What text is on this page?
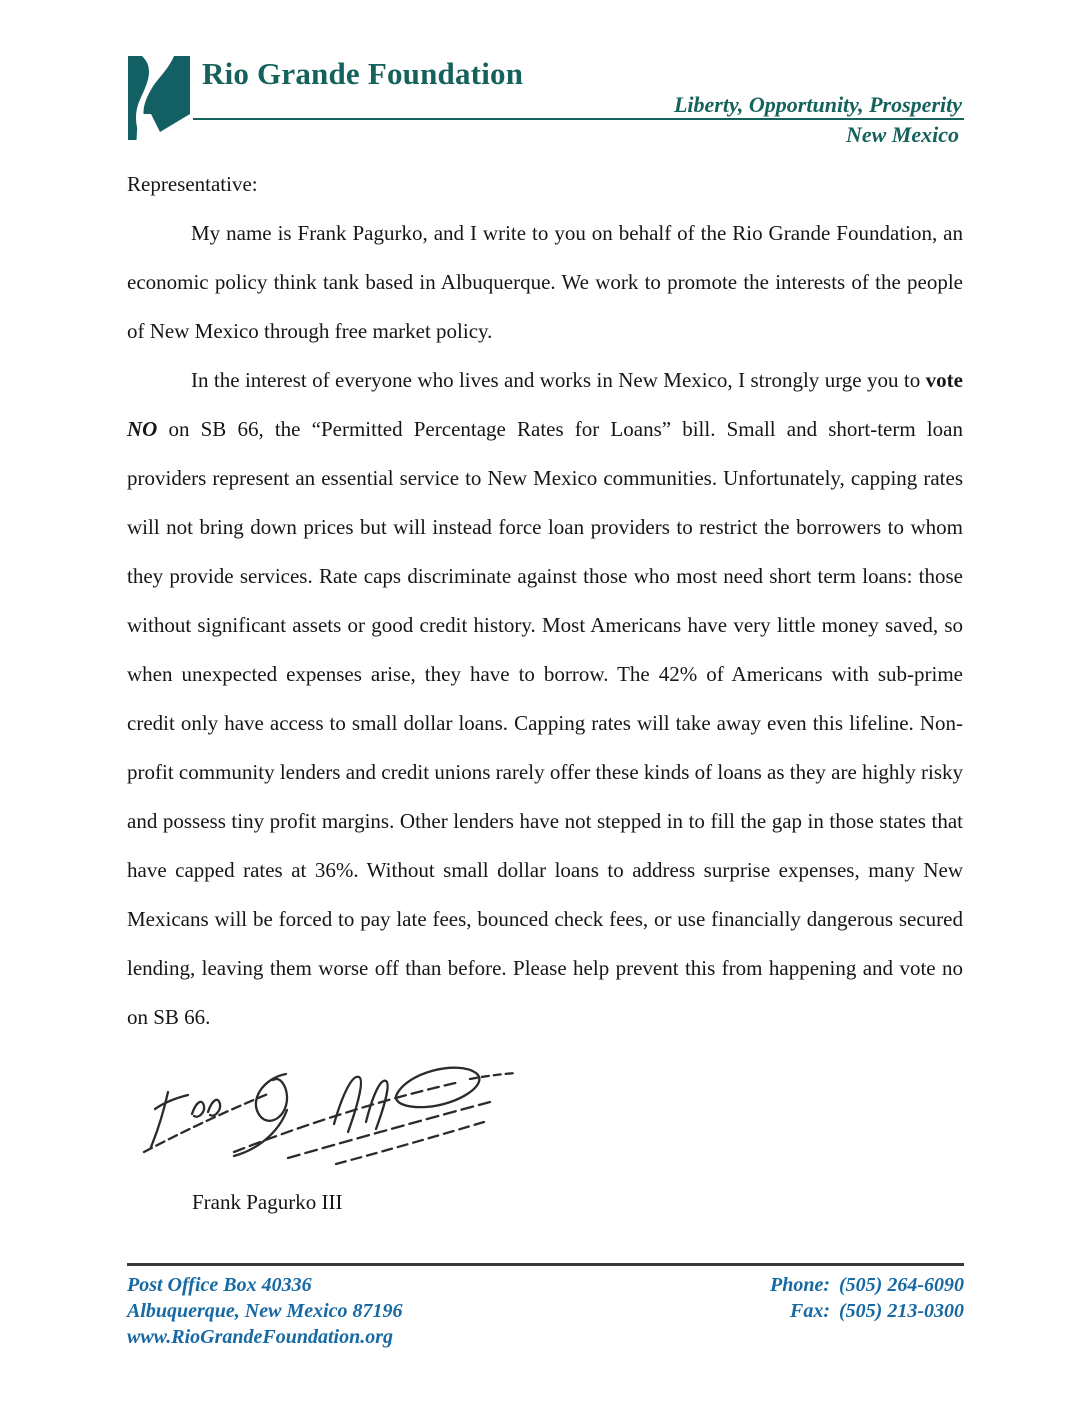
Rio Grande Foundation
Liberty, Opportunity, Prosperity
New Mexico

Representative:

My name is Frank Pagurko, and I write to you on behalf of the Rio Grande Foundation, an economic policy think tank based in Albuquerque. We work to promote the interests of the people of New Mexico through free market policy.

In the interest of everyone who lives and works in New Mexico, I strongly urge you to vote NO on SB 66, the “Permitted Percentage Rates for Loans” bill. Small and short-term loan providers represent an essential service to New Mexico communities. Unfortunately, capping rates will not bring down prices but will instead force loan providers to restrict the borrowers to whom they provide services. Rate caps discriminate against those who most need short term loans: those without significant assets or good credit history. Most Americans have very little money saved, so when unexpected expenses arise, they have to borrow. The 42% of Americans with sub-prime credit only have access to small dollar loans. Capping rates will take away even this lifeline. Non-profit community lenders and credit unions rarely offer these kinds of loans as they are highly risky and possess tiny profit margins. Other lenders have not stepped in to fill the gap in those states that have capped rates at 36%. Without small dollar loans to address surprise expenses, many New Mexicans will be forced to pay late fees, bounced check fees, or use financially dangerous secured lending, leaving them worse off than before. Please help prevent this from happening and vote no on SB 66.

Frank Pagurko III
Post Office Box 40336
Albuquerque, New Mexico 87196
www.RioGrandeFoundation.org
Phone: (505) 264-6090
Fax: (505) 213-0300
